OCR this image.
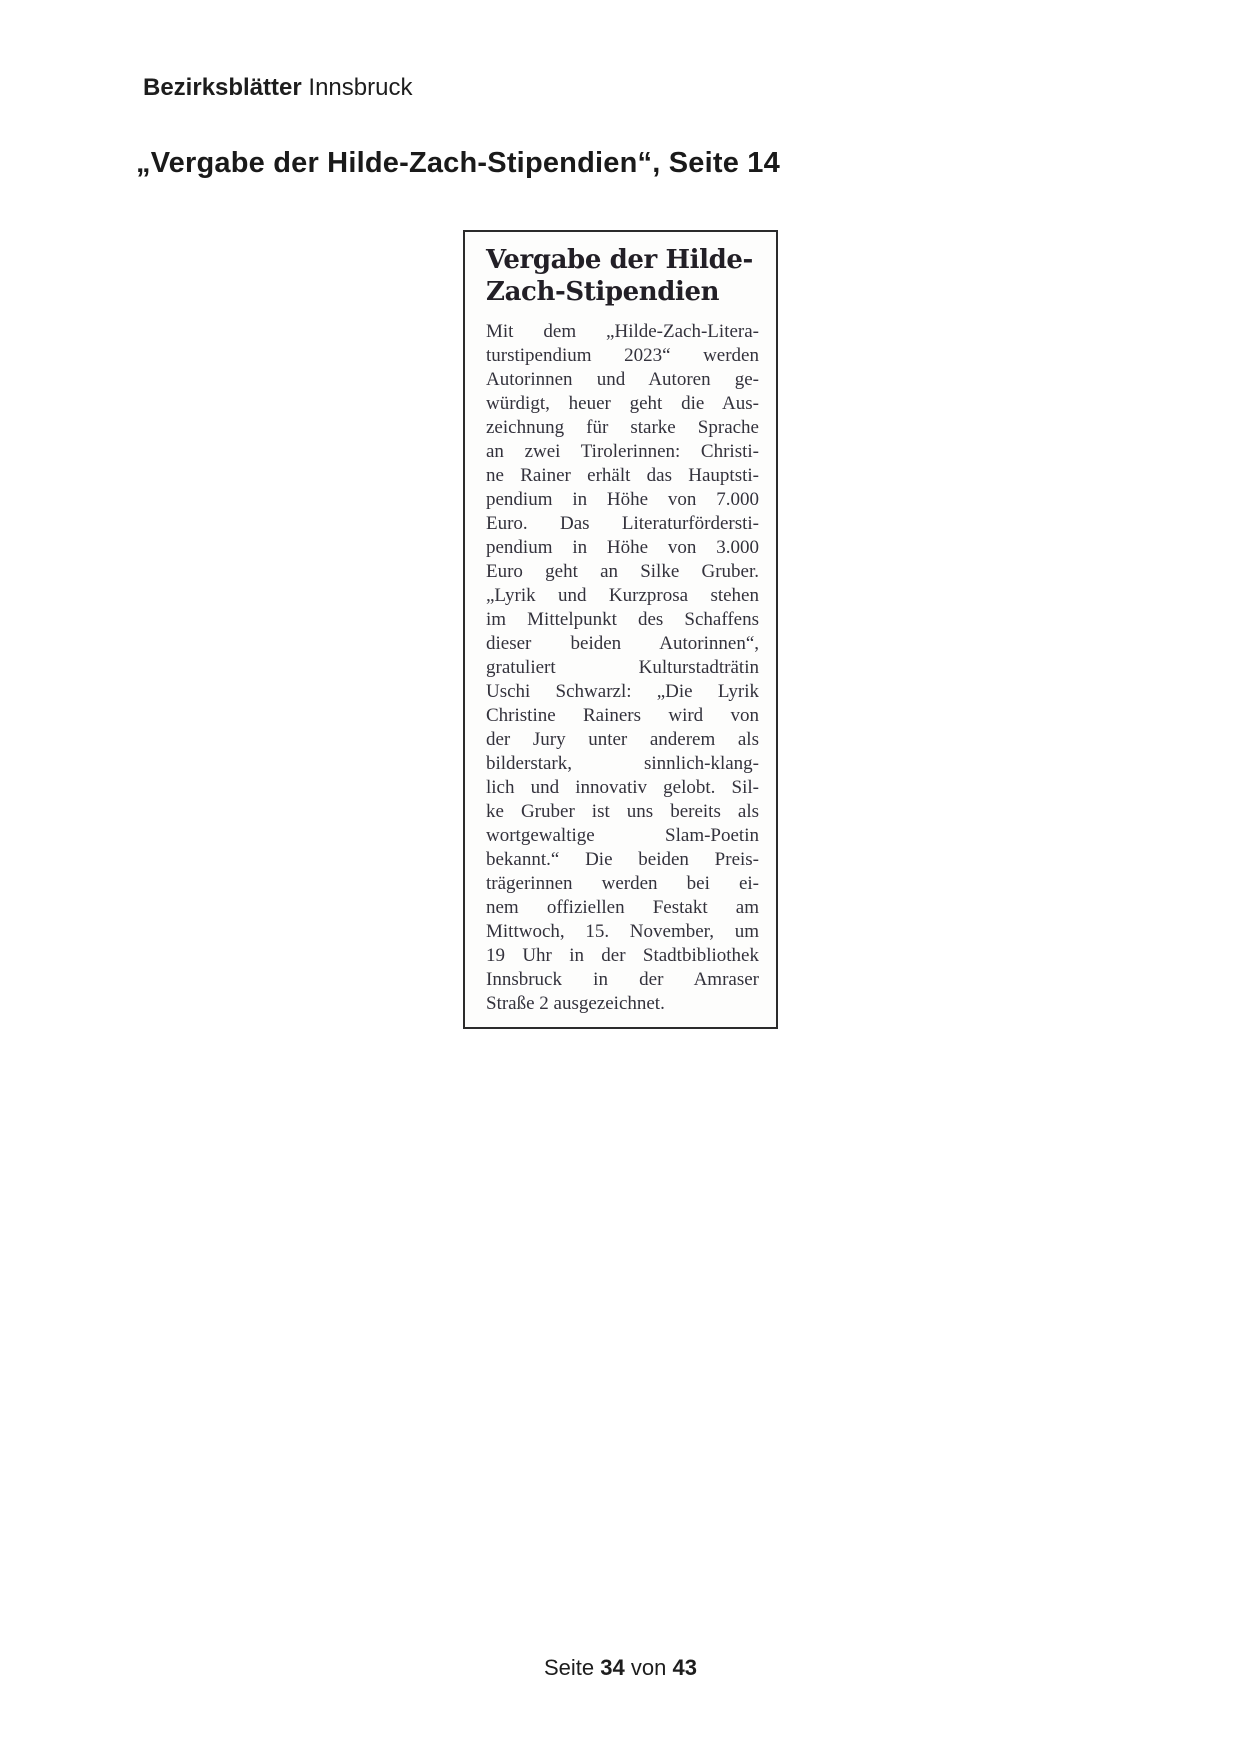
Bezirksblätter Innsbruck
„Vergabe der Hilde-Zach-Stipendien“, Seite 14
Vergabe der Hilde-
Zach-Stipendien
Mit dem „Hilde-Zach-Litera-
turstipendium 2023“ werden
Autorinnen und Autoren ge-
würdigt, heuer geht die Aus-
zeichnung für starke Sprache
an zwei Tirolerinnen: Christi-
ne Rainer erhält das Hauptsti-
pendium in Höhe von 7.000
Euro. Das Literaturfördersti-
pendium in Höhe von 3.000
Euro geht an Silke Gruber.
„Lyrik und Kurzprosa stehen
im Mittelpunkt des Schaffens
dieser beiden Autorinnen“,
gratuliert Kulturstadträtin
Uschi Schwarzl: „Die Lyrik
Christine Rainers wird von
der Jury unter anderem als
bilderstark, sinnlich-klang-
lich und innovativ gelobt. Sil-
ke Gruber ist uns bereits als
wortgewaltige Slam-Poetin
bekannt.“ Die beiden Preis-
trägerinnen werden bei ei-
nem offiziellen Festakt am
Mittwoch, 15. November, um
19 Uhr in der Stadtbibliothek
Innsbruck in der Amraser
Straße 2 ausgezeichnet.
Seite 34 von 43
